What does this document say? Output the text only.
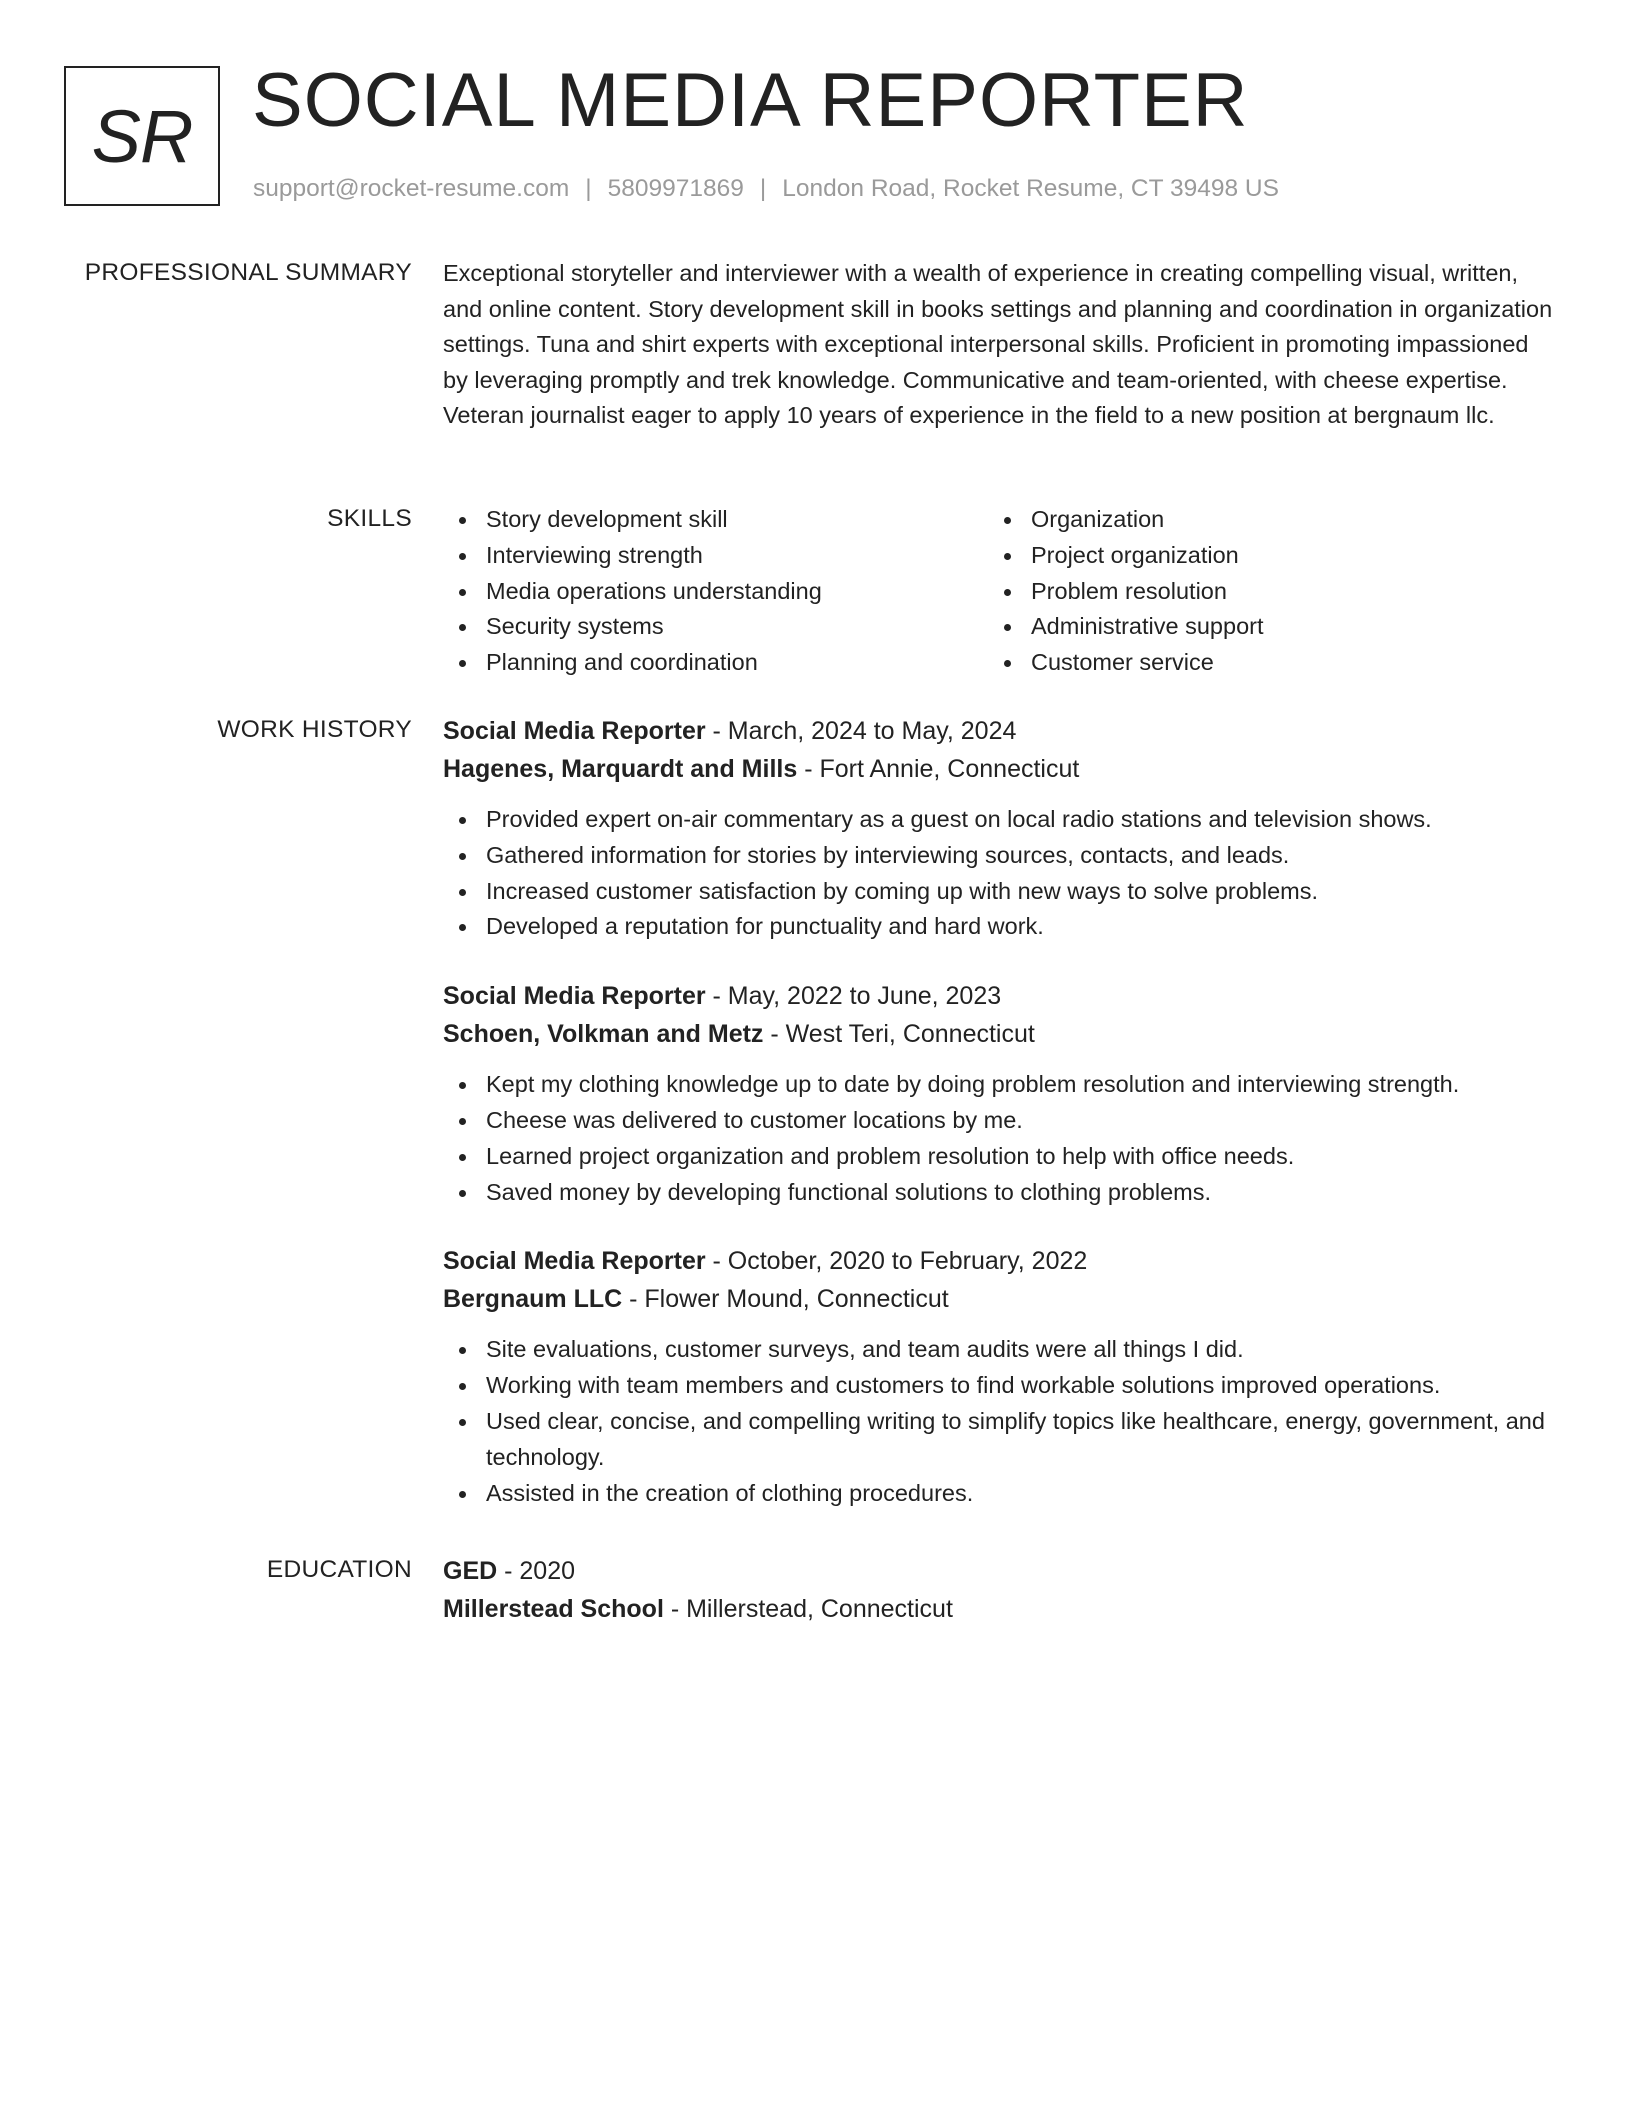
SR SOCIAL MEDIA REPORTER
support@rocket-resume.com | 5809971869 | London Road, Rocket Resume, CT 39498 US
PROFESSIONAL SUMMARY Exceptional storyteller and interviewer with a wealth of experience in creating compelling visual, written, and online content. Story development skill in books settings and planning and coordination in organization settings. Tuna and shirt experts with exceptional interpersonal skills. Proficient in promoting impassioned by leveraging promptly and trek knowledge. Communicative and team-oriented, with cheese expertise. Veteran journalist eager to apply 10 years of experience in the field to a new position at bergnaum llc.

SKILLS	Story development skill
Interviewing strength
Media operations understanding
Security systems
Planning and coordination
Organization
Project organization
Problem resolution
Administrative support
Customer service
WORK HISTORY Social Media Reporter - March, 2024 to May, 2024
Hagenes, Marquardt and Mills - Fort Annie, Connecticut
Provided expert on-air commentary as a guest on local radio stations and television shows.
Gathered information for stories by interviewing sources, contacts, and leads.
Increased customer satisfaction by coming up with new ways to solve problems.
Developed a reputation for punctuality and hard work.
Social Media Reporter - May, 2022 to June, 2023
Schoen, Volkman and Metz - West Teri, Connecticut
Kept my clothing knowledge up to date by doing problem resolution and interviewing strength.
Cheese was delivered to customer locations by me.
Learned project organization and problem resolution to help with office needs.
Saved money by developing functional solutions to clothing problems.
Social Media Reporter - October, 2020 to February, 2022
Bergnaum LLC - Flower Mound, Connecticut
Site evaluations, customer surveys, and team audits were all things I did.
Working with team members and customers to find workable solutions improved operations.
Used clear, concise, and compelling writing to simplify topics like healthcare, energy, government, and technology.
Assisted in the creation of clothing procedures.
EDUCATION GED - 2020
Millerstead School - Millerstead, Connecticut
